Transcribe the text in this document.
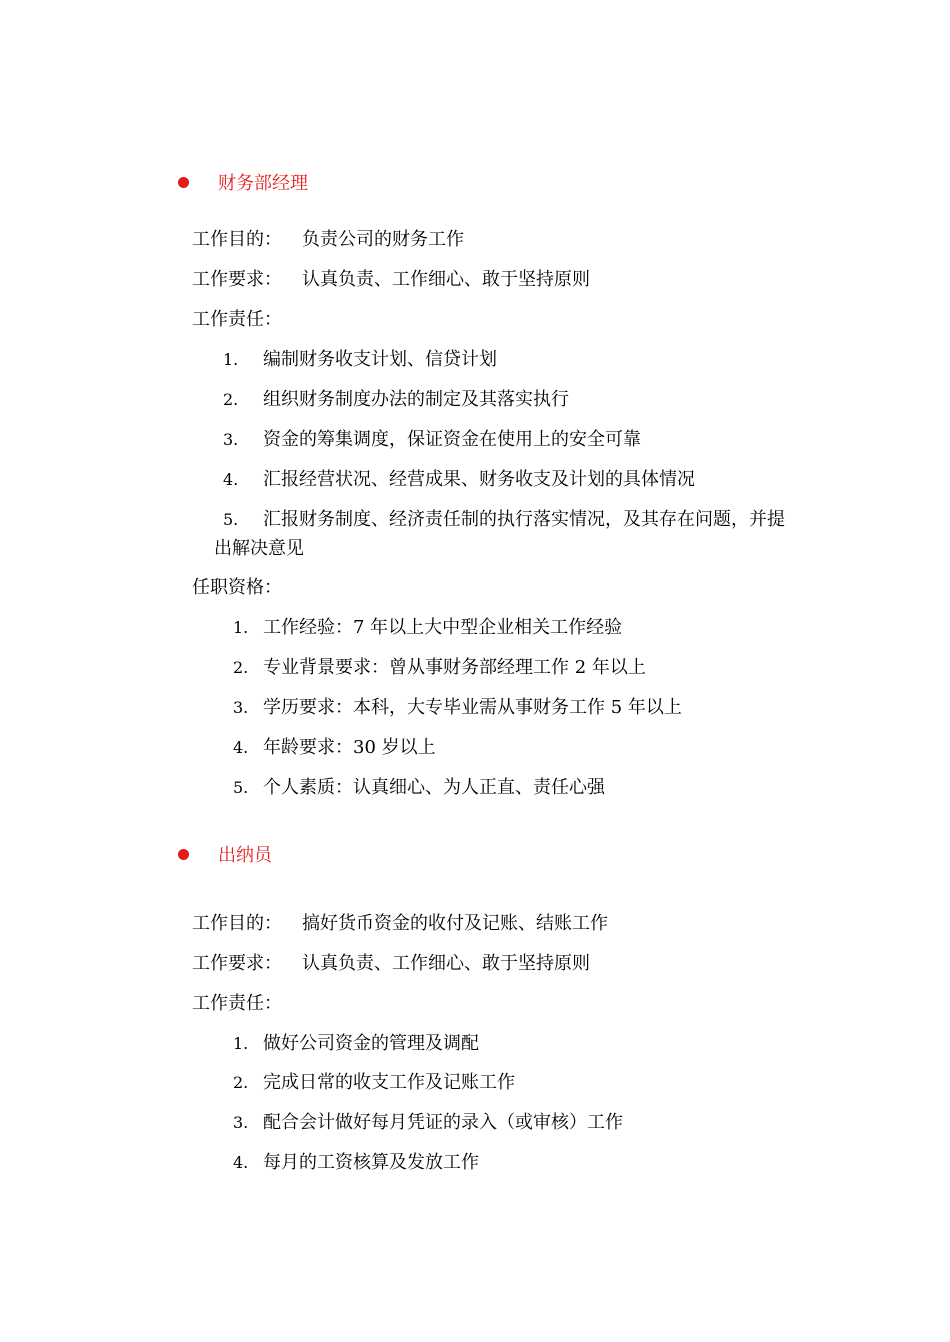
财务部经理
工作目的： 负责公司的财务工作
工作要求： 认真负责、工作细心、敢于坚持原则
工作责任：
1. 编制财务收支计划、信贷计划
2. 组织财务制度办法的制定及其落实执行
3. 资金的筹集调度，保证资金在使用上的安全可靠
4. 汇报经营状况、经营成果、财务收支及计划的具体情况
5. 汇报财务制度、经济责任制的执行落实情况，及其存在问题，并提
出解决意见
任职资格：
1. 工作经验：7 年以上大中型企业相关工作经验
2. 专业背景要求：曾从事财务部经理工作 2 年以上
3. 学历要求：本科，大专毕业需从事财务工作 5 年以上
4. 年龄要求：30 岁以上
5. 个人素质：认真细心、为人正直、责任心强
出纳员
工作目的： 搞好货币资金的收付及记账、结账工作
工作要求： 认真负责、工作细心、敢于坚持原则
工作责任：
1. 做好公司资金的管理及调配
2. 完成日常的收支工作及记账工作
3. 配合会计做好每月凭证的录入（或审核）工作
4. 每月的工资核算及发放工作
